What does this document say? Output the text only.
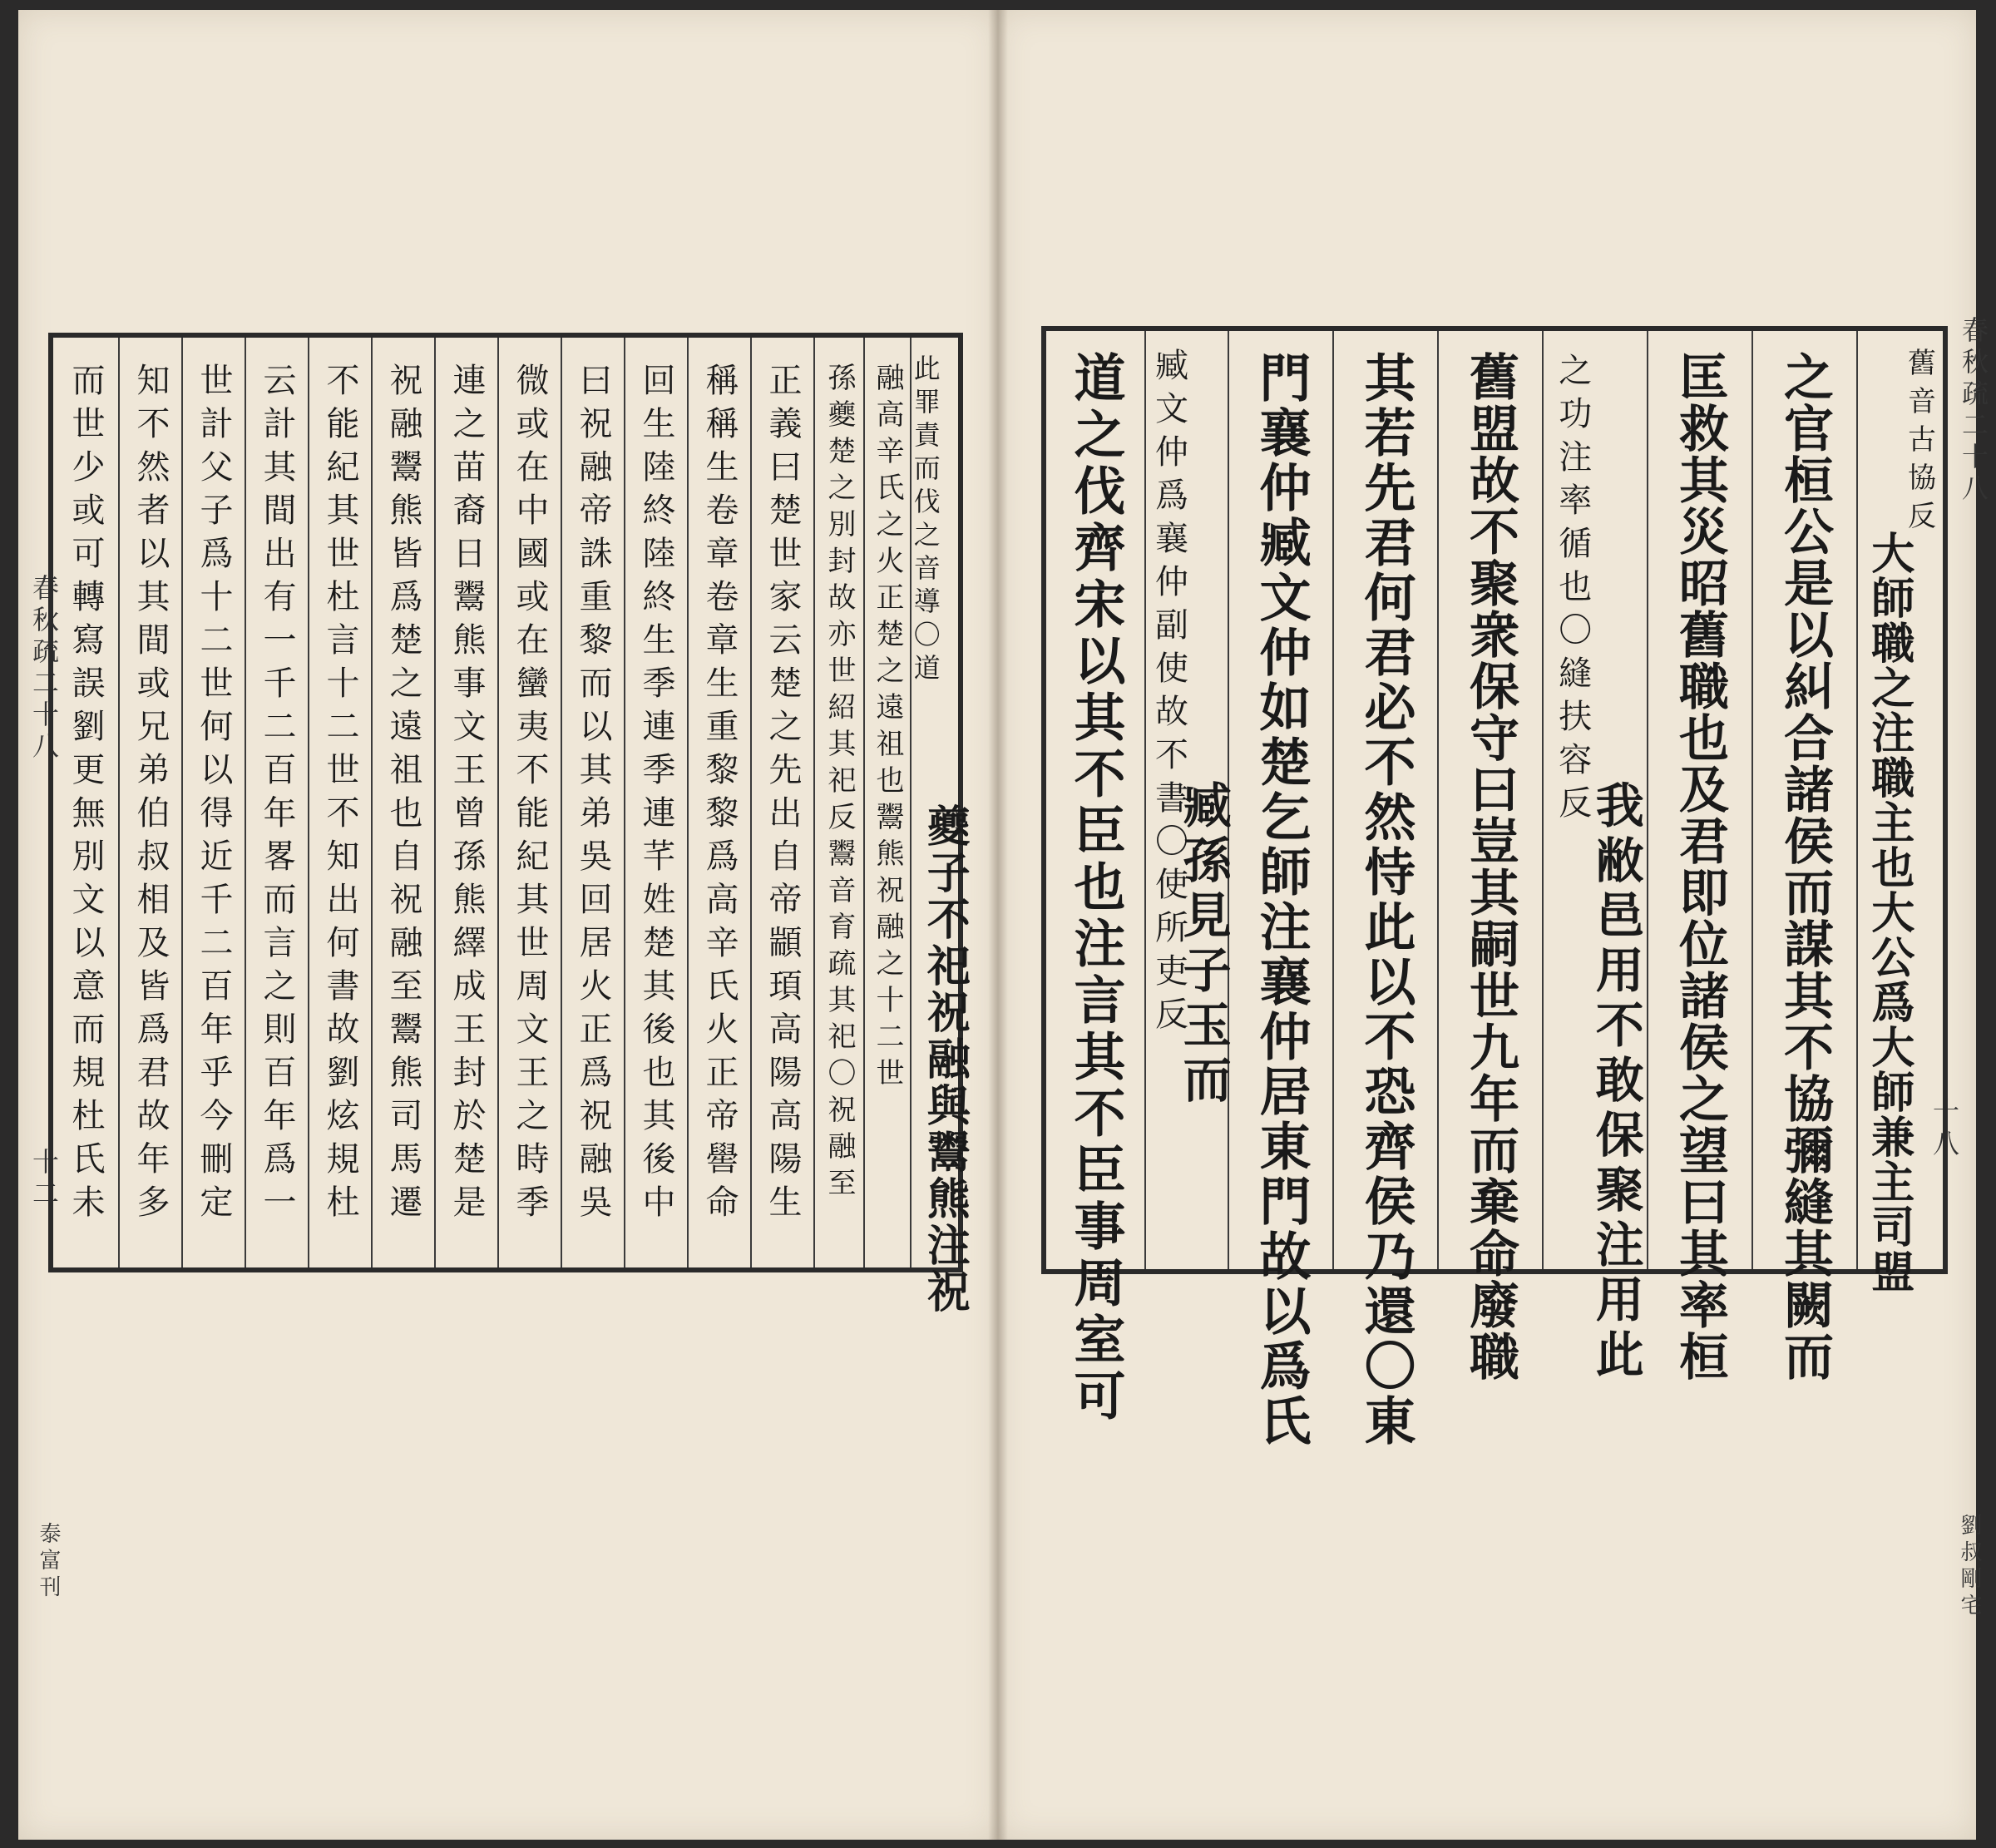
春秋疏二十八
十二
泰富刊
春秋疏二十八
十八
劉叔剛宅
而世少或可轉寫誤劉更無別文以意而規杜氏未 知不然者以其間或兄弟伯叔相及皆爲君故年多 世計父子爲十二世何以得近千二百年乎今刪定 云計其間出有一千二百年畧而言之則百年爲一 不能紀其世杜言十二世不知出何書故劉炫規杜 祝融鬻熊皆爲楚之遠祖也自祝融至鬻熊司馬遷 連之苗裔日鬻熊事文王曾孫熊繹成王封於楚是 微或在中國或在蠻夷不能紀其世周文王之時季 曰祝融帝誅重黎而以其弟吳回居火正爲祝融吳 回生陸終陸終生季連季連芊姓楚其後也其後中 稱稱生卷章卷章生重黎黎爲高辛氏火正帝嚳命 正義曰楚世家云楚之先出自帝顓頊高陽高陽生 孫夔楚之別封故亦世紹其祀反鬻音育疏其祀〇祝融至 融高辛氏之火正楚之遠祖也鬻熊祝融之十二世 此罪責而伐之音導〇道
夔子不祀祝融與鬻熊注祝 道之伐齊宋以其不臣也注言其不臣事周室可 臧文仲爲襄仲副使故不書〇使所吏反
臧孫見子玉而 門襄仲臧文仲如楚乞師注襄仲居東門故以爲氏 其若先君何君必不然恃此以不恐齊侯乃還〇東 舊盟故不聚衆保守曰豈其嗣世九年而棄命廢職 之功注率循也〇縫扶容反
我敝邑用不敢保聚注用此 匡救其災昭舊職也及君即位諸侯之望曰其率桓 之官桓公是以糾合諸侯而謀其不協彌縫其闕而 舊音古協反
大師職之注職主也大公爲大師兼主司盟
